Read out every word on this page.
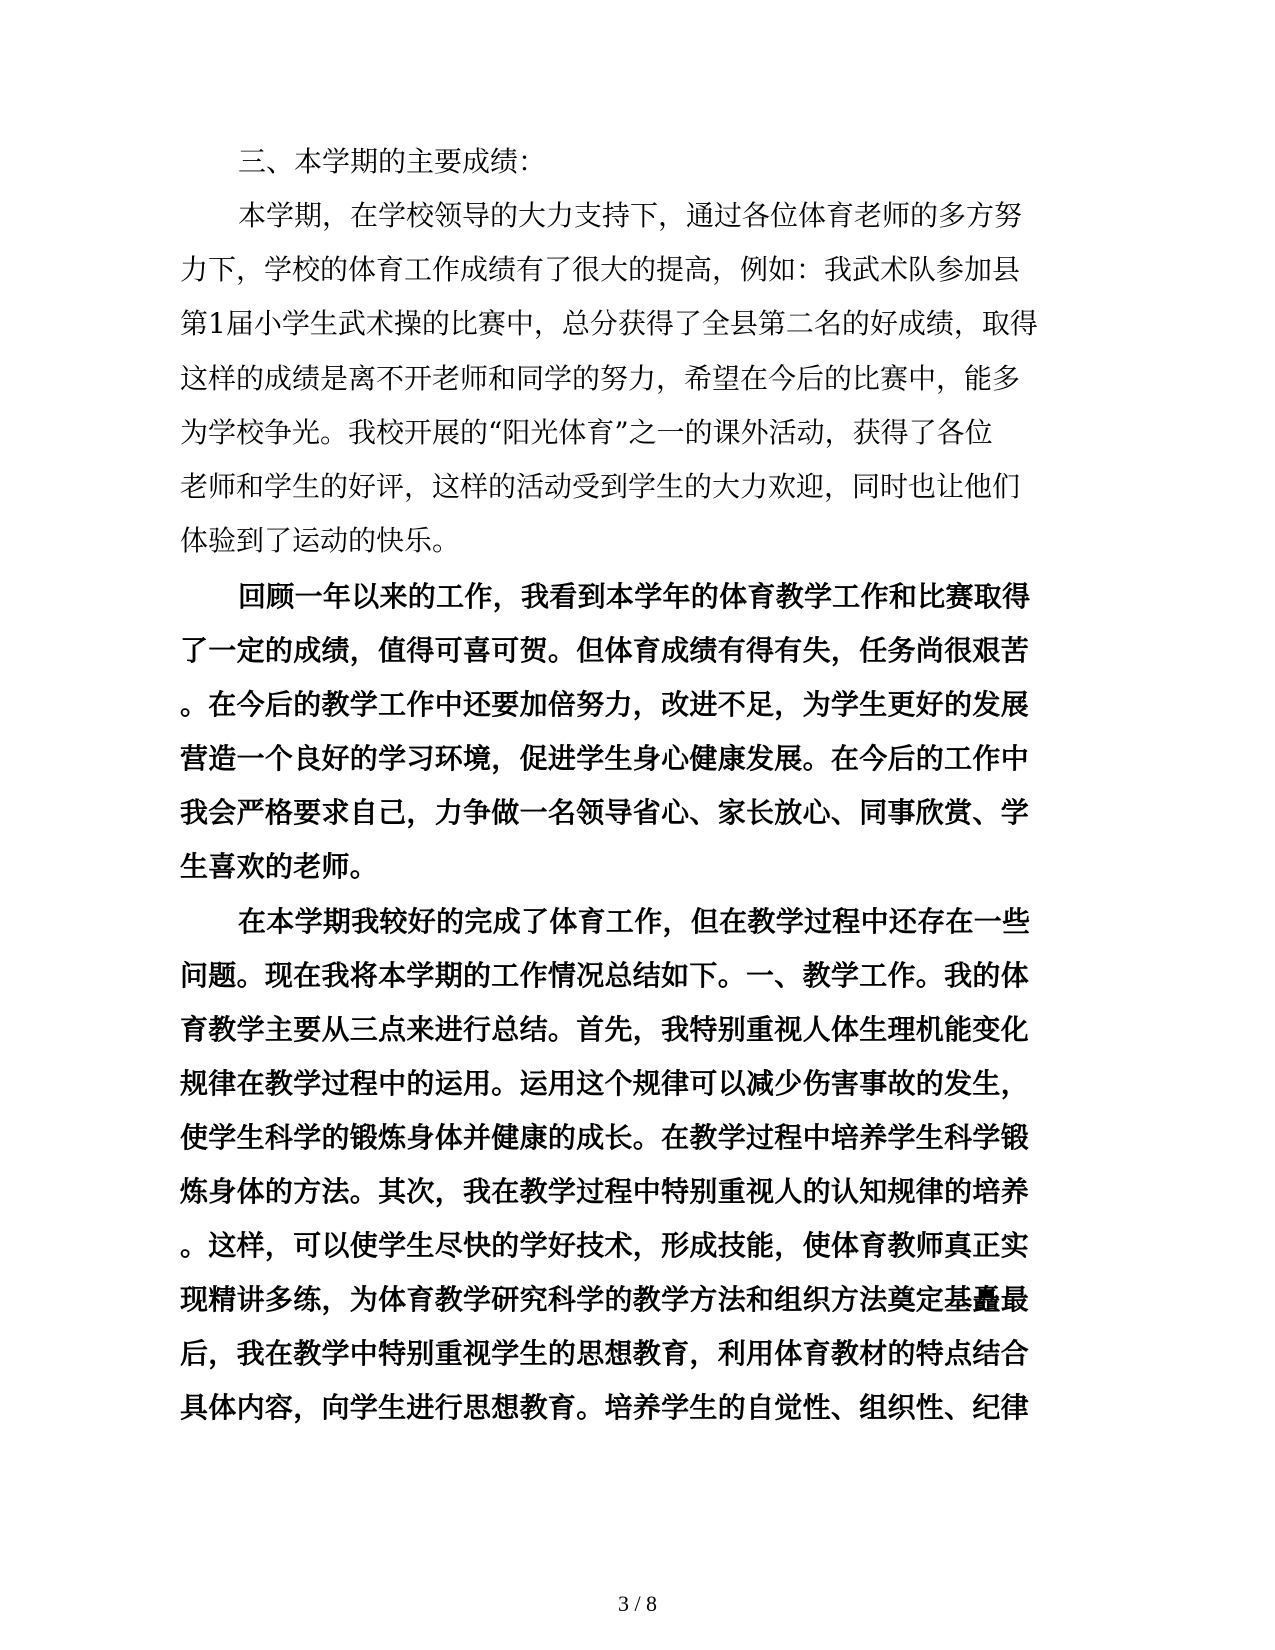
三、本学期的主要成绩：
本学期，在学校领导的大力支持下，通过各位体育老师的多方努
力下，学校的体育工作成绩有了很大的提高，例如：我武术队参加县
第1届小学生武术操的比赛中，总分获得了全县第二名的好成绩，取得
这样的成绩是离不开老师和同学的努力，希望在今后的比赛中，能多
为学校争光。我校开展的“阳光体育”之一的课外活动，获得了各位
老师和学生的好评，这样的活动受到学生的大力欢迎，同时也让他们
体验到了运动的快乐。
回顾一年以来的工作，我看到本学年的体育教学工作和比赛取得
了一定的成绩，值得可喜可贺。但体育成绩有得有失，任务尚很艰苦
。在今后的教学工作中还要加倍努力，改进不足，为学生更好的发展
营造一个良好的学习环境，促进学生身心健康发展。在今后的工作中
我会严格要求自己，力争做一名领导省心、家长放心、同事欣赏、学
生喜欢的老师。
在本学期我较好的完成了体育工作，但在教学过程中还存在一些
问题。现在我将本学期的工作情况总结如下。一、教学工作。我的体
育教学主要从三点来进行总结。首先，我特别重视人体生理机能变化
规律在教学过程中的运用。运用这个规律可以减少伤害事故的发生，
使学生科学的锻炼身体并健康的成长。在教学过程中培养学生科学锻
炼身体的方法。其次，我在教学过程中特别重视人的认知规律的培养
。这样，可以使学生尽快的学好技术，形成技能，使体育教师真正实
现精讲多练，为体育教学研究科学的教学方法和组织方法奠定基矗最
后，我在教学中特别重视学生的思想教育，利用体育教材的特点结合
具体内容，向学生进行思想教育。培养学生的自觉性、组织性、纪律
3 / 8
